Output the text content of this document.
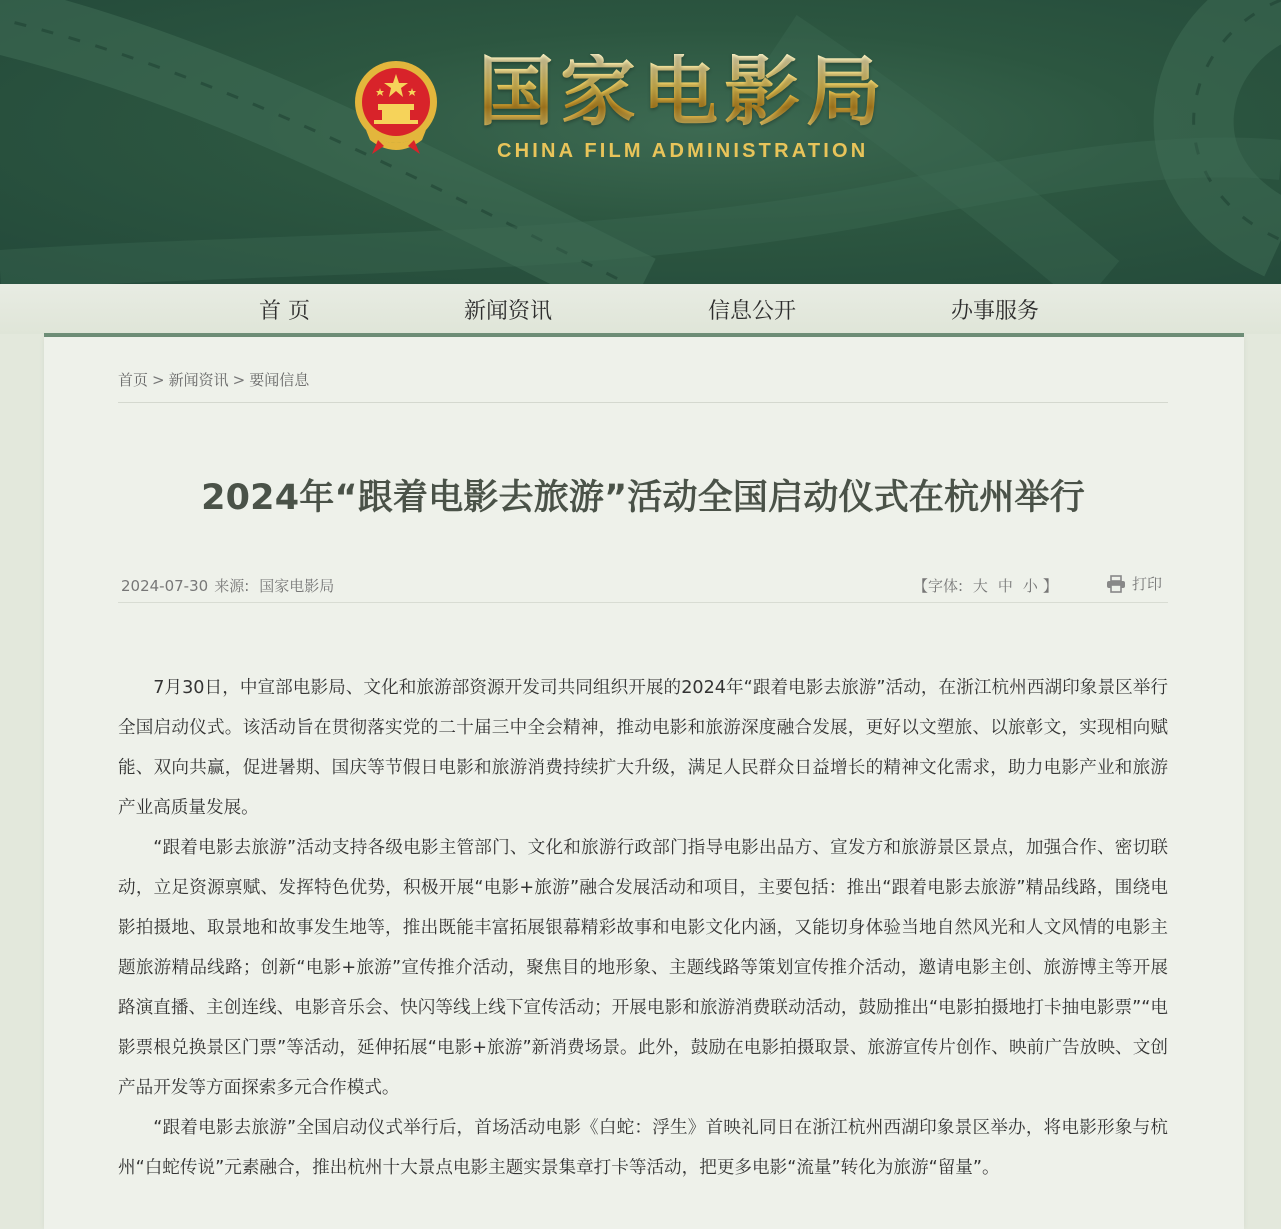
国家电影局
CHINA FILM ADMINISTRATION
首 页	新闻资讯	信息公开	办事服务
首页 > 新闻资讯 > 要闻信息
2024年“跟着电影去旅游”活动全国启动仪式在杭州举行
2024-07-30 来源: 国家电影局	【字体: 大 中 小 】	打印

7月30日，中宣部电影局、文化和旅游部资源开发司共同组织开展的2024年“跟着电影去旅游”活动，在浙江杭州西湖印象景区举行全国启动仪式。该活动旨在贯彻落实党的二十届三中全会精神，推动电影和旅游深度融合发展，更好以文塑旅、以旅彰文，实现相向赋能、双向共赢，促进暑期、国庆等节假日电影和旅游消费持续扩大升级，满足人民群众日益增长的精神文化需求，助力电影产业和旅游产业高质量发展。

“跟着电影去旅游”活动支持各级电影主管部门、文化和旅游行政部门指导电影出品方、宣发方和旅游景区景点，加强合作、密切联动，立足资源禀赋、发挥特色优势，积极开展“电影+旅游”融合发展活动和项目，主要包括：推出“跟着电影去旅游”精品线路，围绕电影拍摄地、取景地和故事发生地等，推出既能丰富拓展银幕精彩故事和电影文化内涵，又能切身体验当地自然风光和人文风情的电影主题旅游精品线路；创新“电影+旅游”宣传推介活动，聚焦目的地形象、主题线路等策划宣传推介活动，邀请电影主创、旅游博主等开展路演直播、主创连线、电影音乐会、快闪等线上线下宣传活动；开展电影和旅游消费联动活动，鼓励推出“电影拍摄地打卡抽电影票”“电影票根兑换景区门票”等活动，延伸拓展“电影+旅游”新消费场景。此外，鼓励在电影拍摄取景、旅游宣传片创作、映前广告放映、文创产品开发等方面探索多元合作模式。

“跟着电影去旅游”全国启动仪式举行后，首场活动电影《白蛇：浮生》首映礼同日在浙江杭州西湖印象景区举办，将电影形象与杭州“白蛇传说”元素融合，推出杭州十大景点电影主题实景集章打卡等活动，把更多电影“流量”转化为旅游“留量”。
